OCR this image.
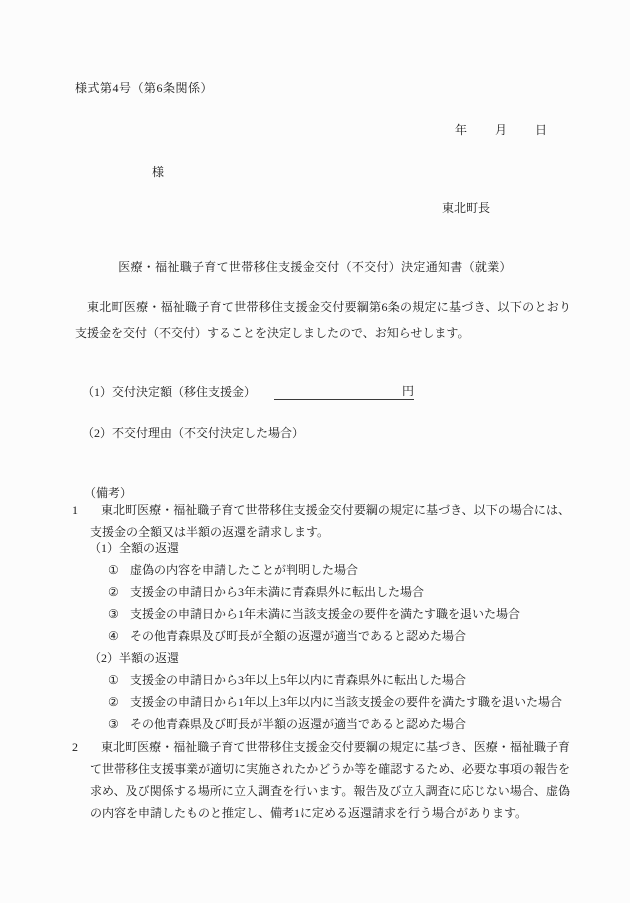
様式第4号（第6条関係）
年 月 日
様
東北町長
医療・福祉職子育て世帯移住支援金交付（不交付）決定通知書（就業）
東北町医療・福祉職子育て世帯移住支援金交付要綱第6条の規定に基づき、以下のとおり支援金を交付（不交付）することを決定しましたので、お知らせします。
（1）交付決定額（移住支援金）	円
（2）不交付理由（不交付決定した場合）
（備考）
1	東北町医療・福祉職子育て世帯移住支援金交付要綱の規定に基づき、以下の場合には、支援金の全額又は半額の返還を請求します。
（1）全額の返還
① 虚偽の内容を申請したことが判明した場合
② 支援金の申請日から3年未満に青森県外に転出した場合
③ 支援金の申請日から1年未満に当該支援金の要件を満たす職を退いた場合
④ その他青森県及び町長が全額の返還が適当であると認めた場合
（2）半額の返還
① 支援金の申請日から3年以上5年以内に青森県外に転出した場合
② 支援金の申請日から1年以上3年以内に当該支援金の要件を満たす職を退いた場合
③ その他青森県及び町長が半額の返還が適当であると認めた場合
2	東北町医療・福祉職子育て世帯移住支援金交付要綱の規定に基づき、医療・福祉職子育て世帯移住支援事業が適切に実施されたかどうか等を確認するため、必要な事項の報告を求め、及び関係する場所に立入調査を行います。報告及び立入調査に応じない場合、虚偽の内容を申請したものと推定し、備考1に定める返還請求を行う場合があります。
